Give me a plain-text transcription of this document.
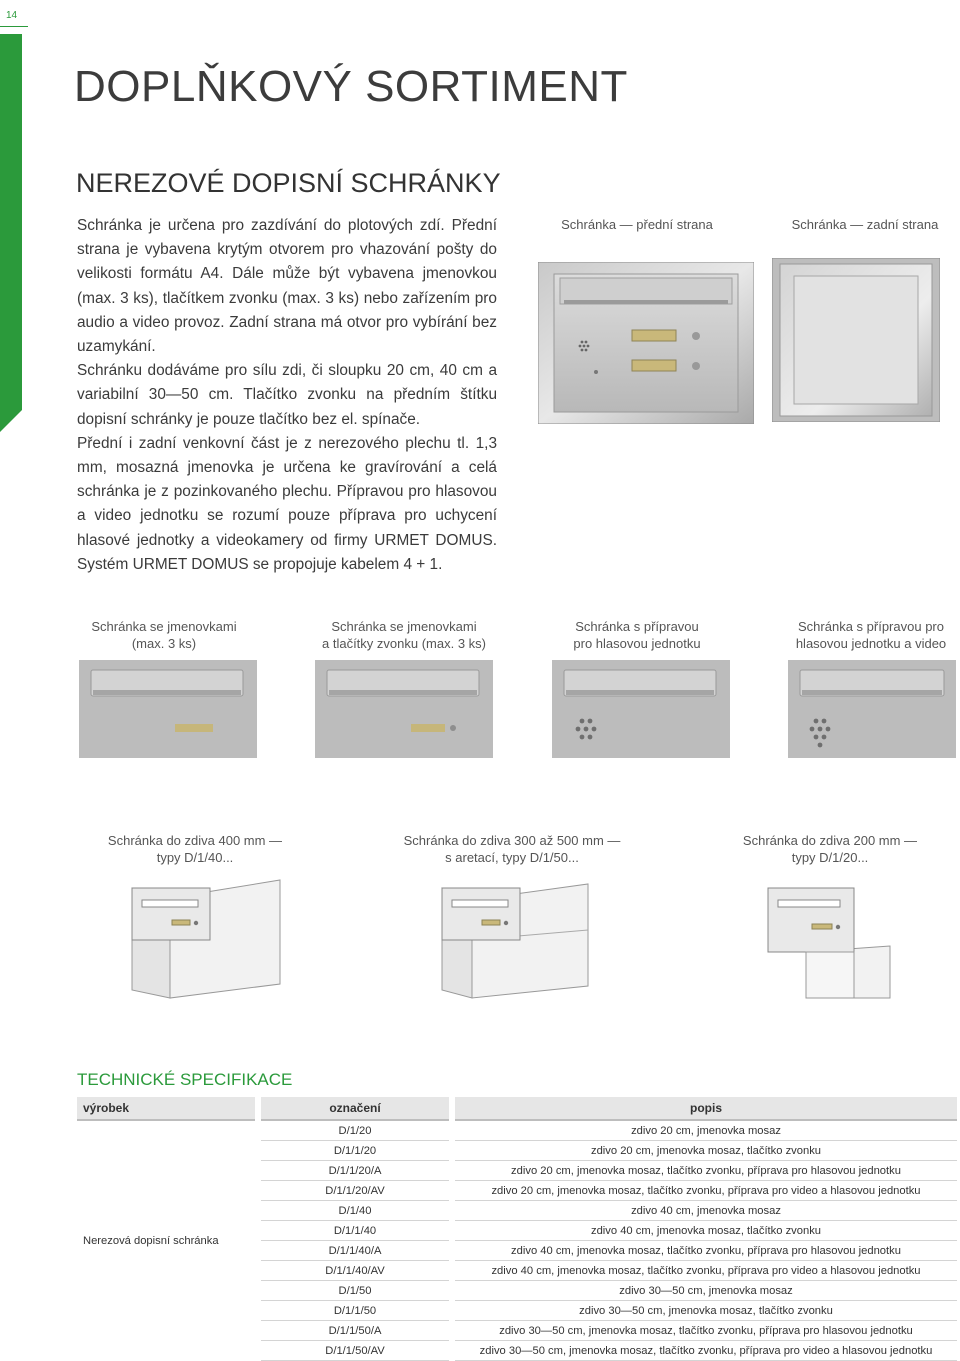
14
DOPLŇKOVÝ SORTIMENT
NEREZOVÉ DOPISNÍ SCHRÁNKY

Schránka je určena pro zazdívání do plotových zdí. Přední strana je vybavena krytým otvorem pro vhazování pošty do velikosti formátu A4. Dále může být vybavena jmenovkou (max. 3 ks), tlačítkem zvonku (max. 3 ks) nebo zařízením pro audio a video provoz. Zadní strana má otvor pro vybírání bez uzamykání.

Schránku dodáváme pro sílu zdi, či sloupku 20 cm, 40 cm a variabilní 30—50 cm. Tlačítko zvonku na předním štítku dopisní schránky je pouze tlačítko bez el. spínače.

Přední i zadní venkovní část je z nerezového plechu tl. 1,3 mm, mosazná jmenovka je určena ke gravírování a celá schránka je z pozinkovaného plechu. Přípravou pro hlasovou a video jednotku se rozumí pouze příprava pro uchycení hlasové jednotky a videokamery od firmy URMET DOMUS. Systém URMET DOMUS se propojuje kabelem 4 + 1.

Schránka — přední strana	Schránka — zadní strana
Schránka se jmenovkami
(max. 3 ks)
Schránka se jmenovkami
a tlačítky zvonku (max. 3 ks)
Schránka s přípravou
pro hlasovou jednotku
Schránka s přípravou pro
hlasovou jednotku a video
Schránka do zdiva 400 mm —
typy D/1/40...
Schránka do zdiva 300 až 500 mm —
s aretací, typy D/1/50...
Schránka do zdiva 200 mm —
typy D/1/20...
TECHNICKÉ SPECIFIKACE
výrobek		označení		popis
Nerezová dopisní schránka		D/1/20		zdivo 20 cm, jmenovka mosaz
		D/1/1/20		zdivo 20 cm, jmenovka mosaz, tlačítko zvonku
		D/1/1/20/A		zdivo 20 cm, jmenovka mosaz, tlačítko zvonku, příprava pro hlasovou jednotku
		D/1/1/20/AV		zdivo 20 cm, jmenovka mosaz, tlačítko zvonku, příprava pro video a hlasovou jednotku
		D/1/40		zdivo 40 cm, jmenovka mosaz
		D/1/1/40		zdivo 40 cm, jmenovka mosaz, tlačítko zvonku
		D/1/1/40/A		zdivo 40 cm, jmenovka mosaz, tlačítko zvonku, příprava pro hlasovou jednotku
		D/1/1/40/AV		zdivo 40 cm, jmenovka mosaz, tlačítko zvonku, příprava pro video a hlasovou jednotku
		D/1/50		zdivo 30—50 cm, jmenovka mosaz
		D/1/1/50		zdivo 30—50 cm, jmenovka mosaz, tlačítko zvonku
		D/1/1/50/A		zdivo 30—50 cm, jmenovka mosaz, tlačítko zvonku, příprava pro hlasovou jednotku
		D/1/1/50/AV		zdivo 30—50 cm, jmenovka mosaz, tlačítko zvonku, příprava pro video a hlasovou jednotku
